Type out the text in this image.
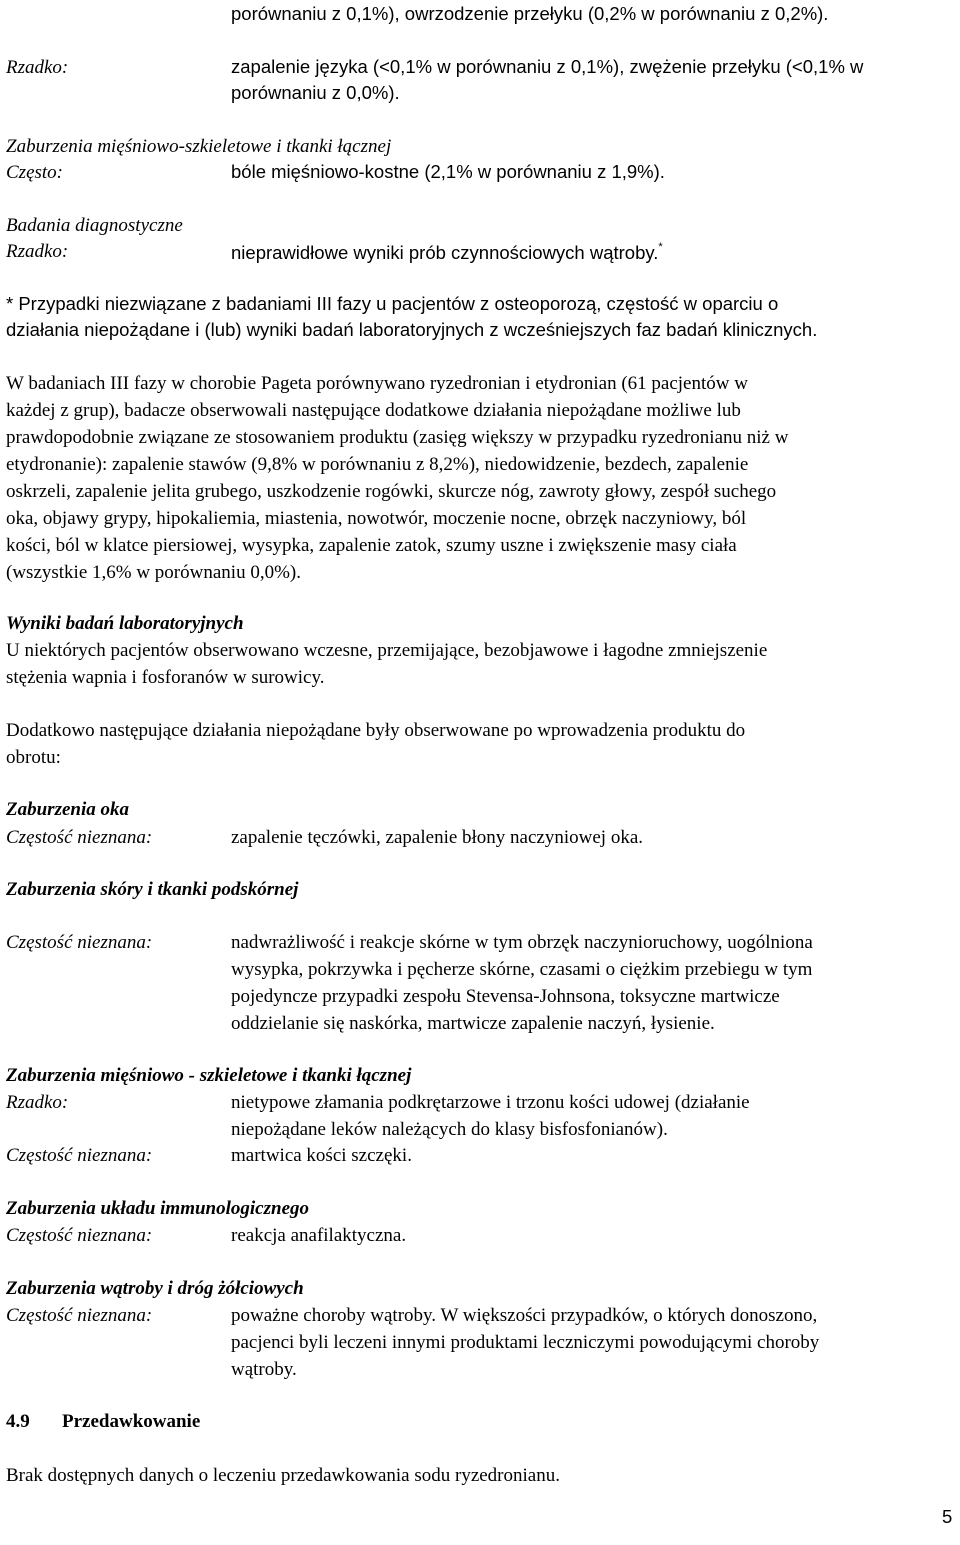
porównaniu z 0,1%), owrzodzenie przełyku (0,2% w porównaniu z 0,2%).
Rzadko:	zapalenie języka (<0,1% w porównaniu z 0,1%), zwężenie przełyku (<0,1% w
porównaniu z 0,0%).
Zaburzenia mięśniowo-szkieletowe i tkanki łącznej
Często:	bóle mięśniowo-kostne (2,1% w porównaniu z 1,9%).
Badania diagnostyczne
Rzadko:	nieprawidłowe wyniki prób czynnościowych wątroby.*
* Przypadki niezwiązane z badaniami III fazy u pacjentów z osteoporozą, częstość w oparciu o
działania niepożądane i (lub) wyniki badań laboratoryjnych z wcześniejszych faz badań klinicznych.
W badaniach III fazy w chorobie Pageta porównywano ryzedronian i etydronian (61 pacjentów w
każdej z grup), badacze obserwowali następujące dodatkowe działania niepożądane możliwe lub
prawdopodobnie związane ze stosowaniem produktu (zasięg większy w przypadku ryzedronianu niż w
etydronanie): zapalenie stawów (9,8% w porównaniu z 8,2%), niedowidzenie, bezdech, zapalenie
oskrzeli, zapalenie jelita grubego, uszkodzenie rogówki, skurcze nóg, zawroty głowy, zespół suchego
oka, objawy grypy, hipokaliemia, miastenia, nowotwór, moczenie nocne, obrzęk naczyniowy, ból
kości, ból w klatce piersiowej, wysypka, zapalenie zatok, szumy uszne i zwiększenie masy ciała
(wszystkie 1,6% w porównaniu 0,0%).
Wyniki badań laboratoryjnych
U niektórych pacjentów obserwowano wczesne, przemijające, bezobjawowe i łagodne zmniejszenie
stężenia wapnia i fosforanów w surowicy.
Dodatkowo następujące działania niepożądane były obserwowane po wprowadzenia produktu do
obrotu:
Zaburzenia oka
Częstość nieznana:	zapalenie tęczówki, zapalenie błony naczyniowej oka.
Zaburzenia skóry i tkanki podskórnej
Częstość nieznana:	nadwrażliwość i reakcje skórne w tym obrzęk naczynioruchowy, uogólniona
wysypka, pokrzywka i pęcherze skórne, czasami o ciężkim przebiegu w tym
pojedyncze przypadki zespołu Stevensa-Johnsona, toksyczne martwicze
oddzielanie się naskórka, martwicze zapalenie naczyń, łysienie.
Zaburzenia mięśniowo - szkieletowe i tkanki łącznej
Rzadko:	nietypowe złamania podkrętarzowe i trzonu kości udowej (działanie
niepożądane leków należących do klasy bisfosfonianów).
Częstość nieznana:	martwica kości szczęki.
Zaburzenia układu immunologicznego
Częstość nieznana:	reakcja anafilaktyczna.
Zaburzenia wątroby i dróg żółciowych
Częstość nieznana:	poważne choroby wątroby. W większości przypadków, o których donoszono,
pacjenci byli leczeni innymi produktami leczniczymi powodującymi choroby
wątroby.
4.9 Przedawkowanie
Brak dostępnych danych o leczeniu przedawkowania sodu ryzedronianu.
5
